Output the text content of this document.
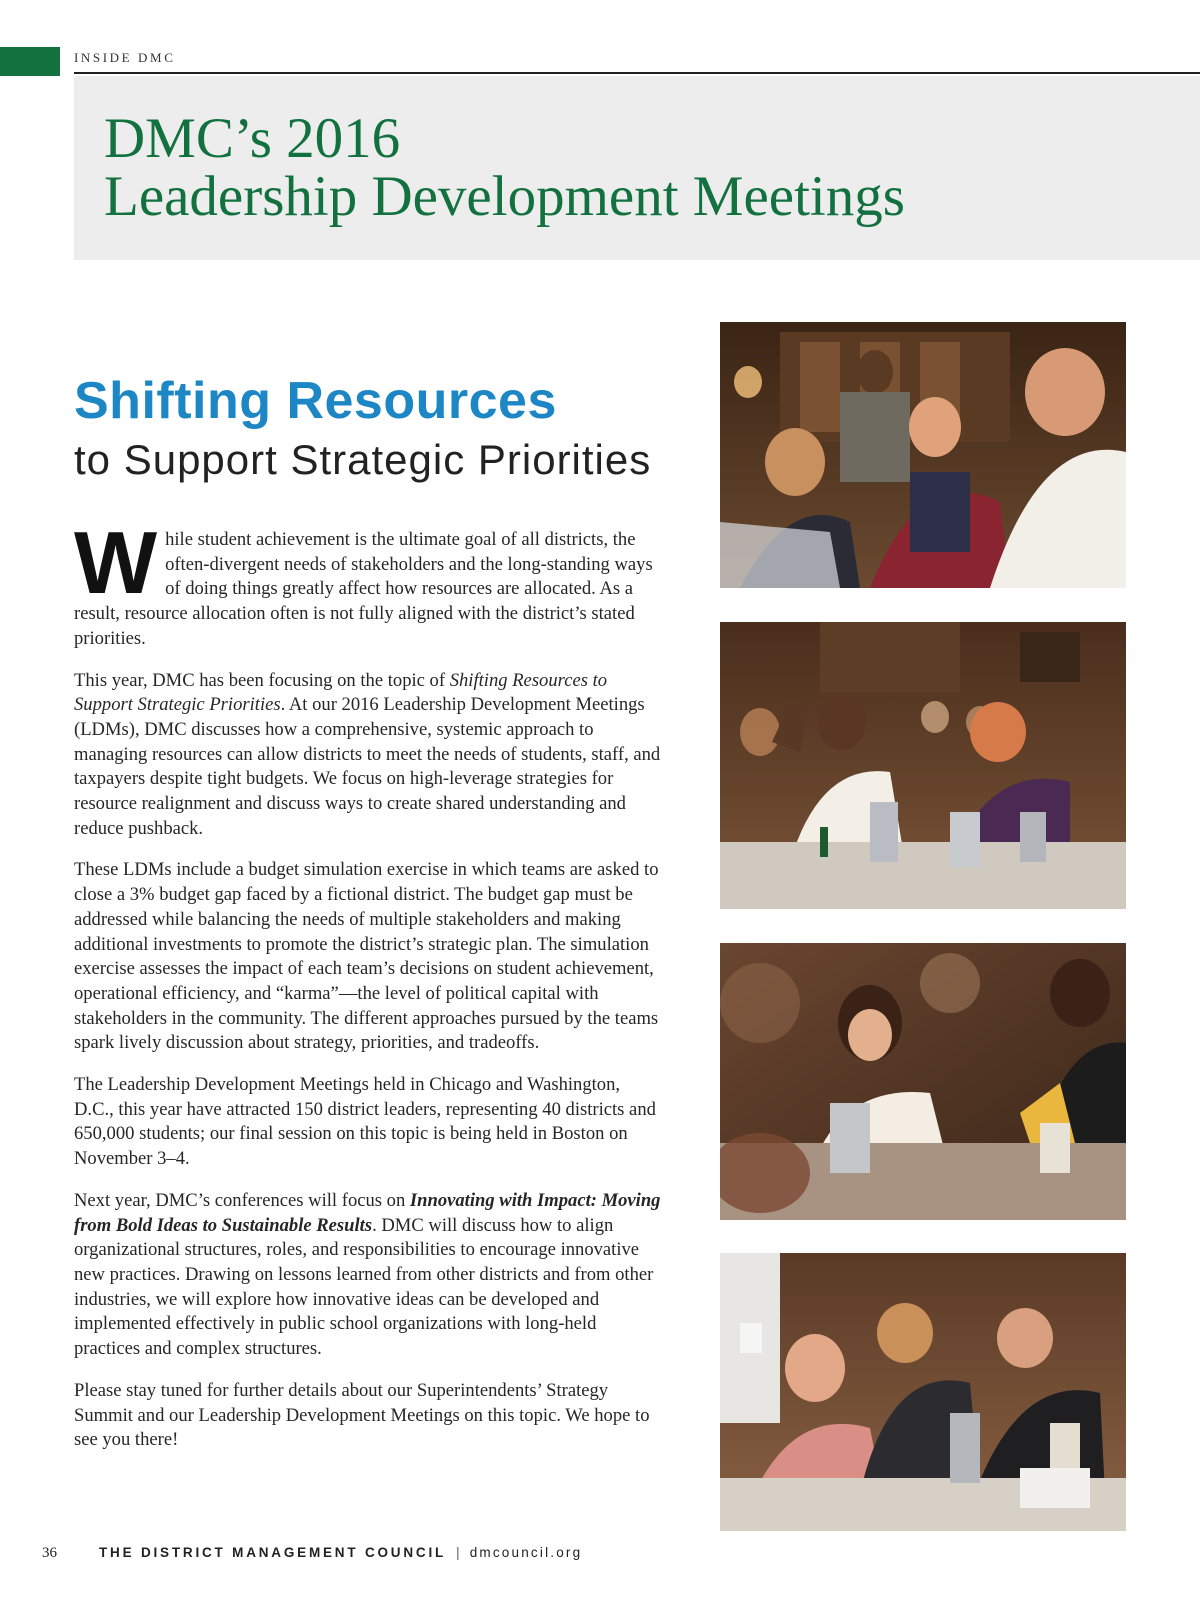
INSIDE DMC
DMC’s 2016
Leadership Development Meetings
Shifting Resources
to Support Strategic Priorities

While student achievement is the ultimate goal of all districts, the often-divergent needs of stakeholders and the long-standing ways of doing things greatly affect how resources are allocated. As a result, resource allocation often is not fully aligned with the district’s stated priorities.

This year, DMC has been focusing on the topic of Shifting Resources to Support Strategic Priorities. At our 2016 Leadership Development Meetings (LDMs), DMC discusses how a comprehensive, systemic approach to managing resources can allow districts to meet the needs of students, staff, and taxpayers despite tight budgets. We focus on high-leverage strategies for resource realignment and discuss ways to create shared understanding and reduce pushback.

These LDMs include a budget simulation exercise in which teams are asked to close a 3% budget gap faced by a fictional district. The budget gap must be addressed while balancing the needs of multiple stakeholders and making additional investments to promote the district’s strategic plan. The simulation exercise assesses the impact of each team’s decisions on student achievement, operational efficiency, and “karma”—the level of political capital with stakeholders in the community. The different approaches pursued by the teams spark lively discussion about strategy, priorities, and tradeoffs.

The Leadership Development Meetings held in Chicago and Washington, D.C., this year have attracted 150 district leaders, representing 40 districts and 650,000 students; our final session on this topic is being held in Boston on November 3–4.

Next year, DMC’s conferences will focus on Innovating with Impact: Moving from Bold Ideas to Sustainable Results. DMC will discuss how to align organizational structures, roles, and responsibilities to encourage innovative new practices. Drawing on lessons learned from other districts and from other industries, we will explore how innovative ideas can be developed and implemented effectively in public school organizations with long-held practices and complex structures.

Please stay tuned for further details about our Superintendents’ Strategy Summit and our Leadership Development Meetings on this topic. We hope to see you there!

36	THE DISTRICT MANAGEMENT COUNCIL | dmcouncil.org
